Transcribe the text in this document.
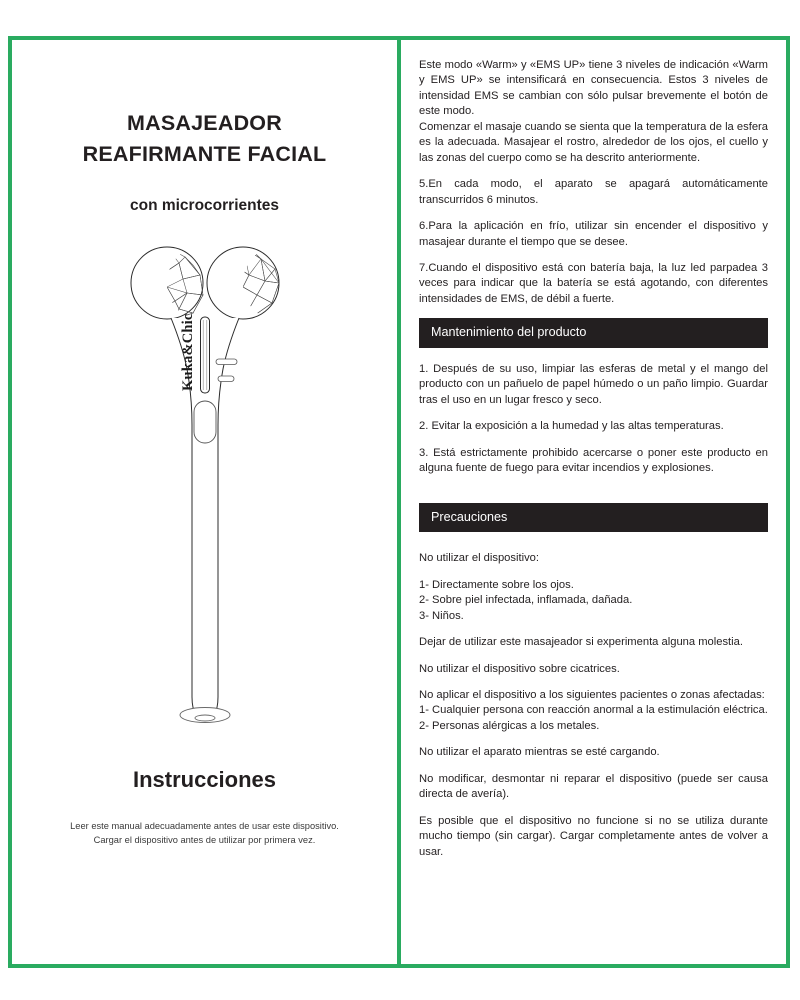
MASAJEADOR
REAFIRMANTE FACIAL
con microcorrientes
Kuka&Chic
Instrucciones
Leer este manual adecuadamente antes de usar este dispositivo.
Cargar el dispositivo antes de utilizar por primera vez.

Este modo «Warm» y «EMS UP» tiene 3 niveles de indicación «Warm y EMS UP» se intensificará en consecuencia. Estos 3 niveles de intensidad EMS se cambian con sólo pulsar brevemente el botón de este modo.

Comenzar el masaje cuando se sienta que la temperatura de la esfera es la adecuada. Masajear el rostro, alrededor de los ojos, el cuello y las zonas del cuerpo como se ha descrito anteriormente.

5.En cada modo, el aparato se apagará automáticamente transcurridos 6 minutos.

6.Para la aplicación en frío, utilizar sin encender el dispositivo y masajear durante el tiempo que se desee.

7.Cuando el dispositivo está con batería baja, la luz led parpadea 3 veces para indicar que la batería se está agotando, con diferentes intensidades de EMS, de débil a fuerte.

Mantenimiento del producto

1. Después de su uso, limpiar las esferas de metal y el mango del producto con un pañuelo de papel húmedo o un paño limpio. Guardar tras el uso en un lugar fresco y seco.

2. Evitar la exposición a la humedad y las altas temperaturas.

3. Está estrictamente prohibido acercarse o poner este producto en alguna fuente de fuego para evitar incendios y explosiones.

Precauciones

No utilizar el dispositivo:

1- Directamente sobre los ojos.
2- Sobre piel infectada, inflamada, dañada.
3- Niños.

Dejar de utilizar este masajeador si experimenta alguna molestia.

No utilizar el dispositivo sobre cicatrices.

No aplicar el dispositivo a los siguientes pacientes o zonas afectadas:

1- Cualquier persona con reacción anormal a la estimulación eléctrica.
2- Personas alérgicas a los metales.

No utilizar el aparato mientras se esté cargando.

No modificar, desmontar ni reparar el dispositivo (puede ser causa directa de avería).

Es posible que el dispositivo no funcione si no se utiliza durante mucho tiempo (sin cargar). Cargar completamente antes de volver a usar.
